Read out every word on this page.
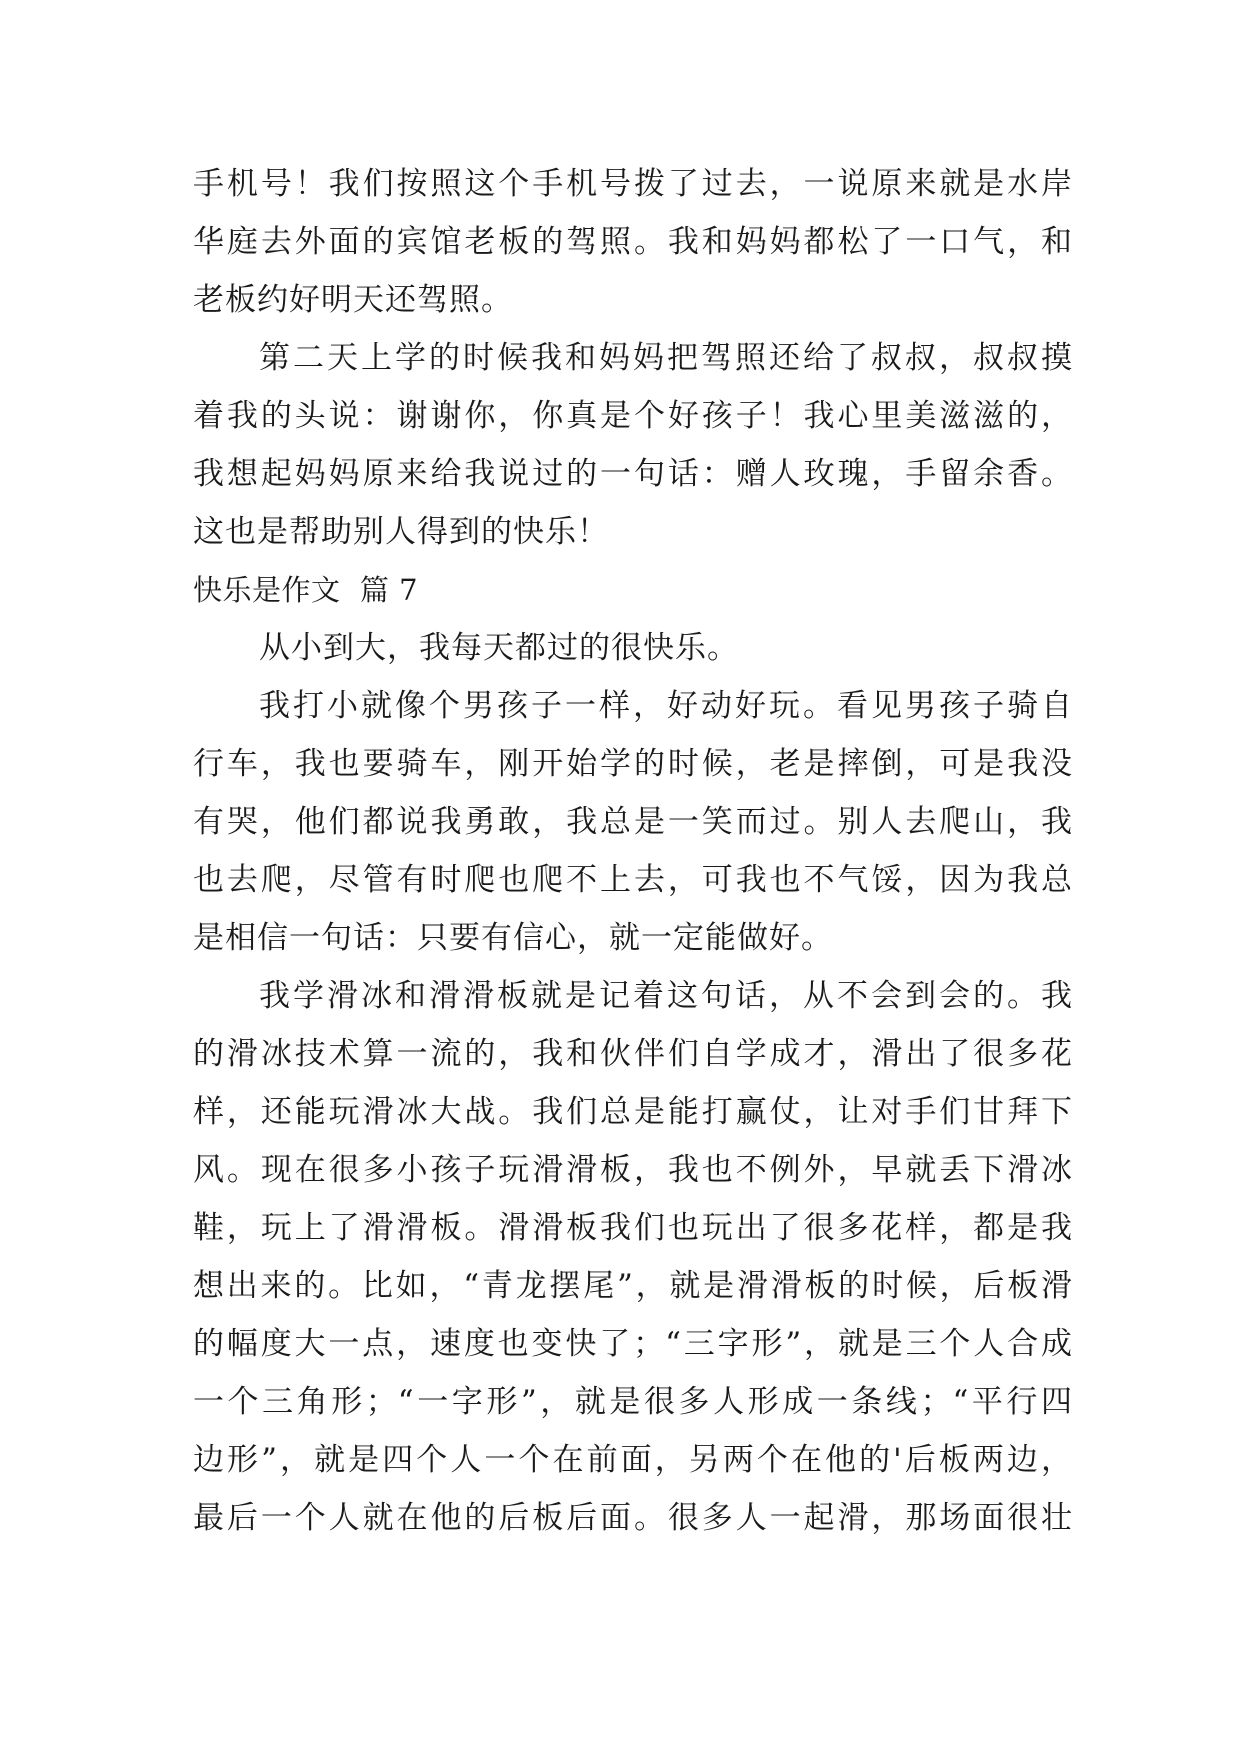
手机号！我们按照这个手机号拨了过去，一说原来就是水岸
华庭去外面的宾馆老板的驾照。我和妈妈都松了一口气，和
老板约好明天还驾照。
第二天上学的时候我和妈妈把驾照还给了叔叔，叔叔摸
着我的头说：谢谢你，你真是个好孩子！我心里美滋滋的，
我想起妈妈原来给我说过的一句话：赠人玫瑰，手留余香。
这也是帮助别人得到的快乐！
快乐是作文  篇 7
从小到大，我每天都过的很快乐。
我打小就像个男孩子一样，好动好玩。看见男孩子骑自
行车，我也要骑车，刚开始学的时候，老是摔倒，可是我没
有哭，他们都说我勇敢，我总是一笑而过。别人去爬山，我
也去爬，尽管有时爬也爬不上去，可我也不气馁，因为我总
是相信一句话：只要有信心，就一定能做好。
我学滑冰和滑滑板就是记着这句话，从不会到会的。我
的滑冰技术算一流的，我和伙伴们自学成才，滑出了很多花
样，还能玩滑冰大战。我们总是能打赢仗，让对手们甘拜下
风。现在很多小孩子玩滑滑板，我也不例外，早就丢下滑冰
鞋，玩上了滑滑板。滑滑板我们也玩出了很多花样，都是我
想出来的。比如，“青龙摆尾”，就是滑滑板的时候，后板滑
的幅度大一点，速度也变快了；“三字形”，就是三个人合成
一个三角形；“一字形”，就是很多人形成一条线；“平行四
边形”，就是四个人一个在前面，另两个在他的'后板两边，
最后一个人就在他的后板后面。很多人一起滑，那场面很壮
